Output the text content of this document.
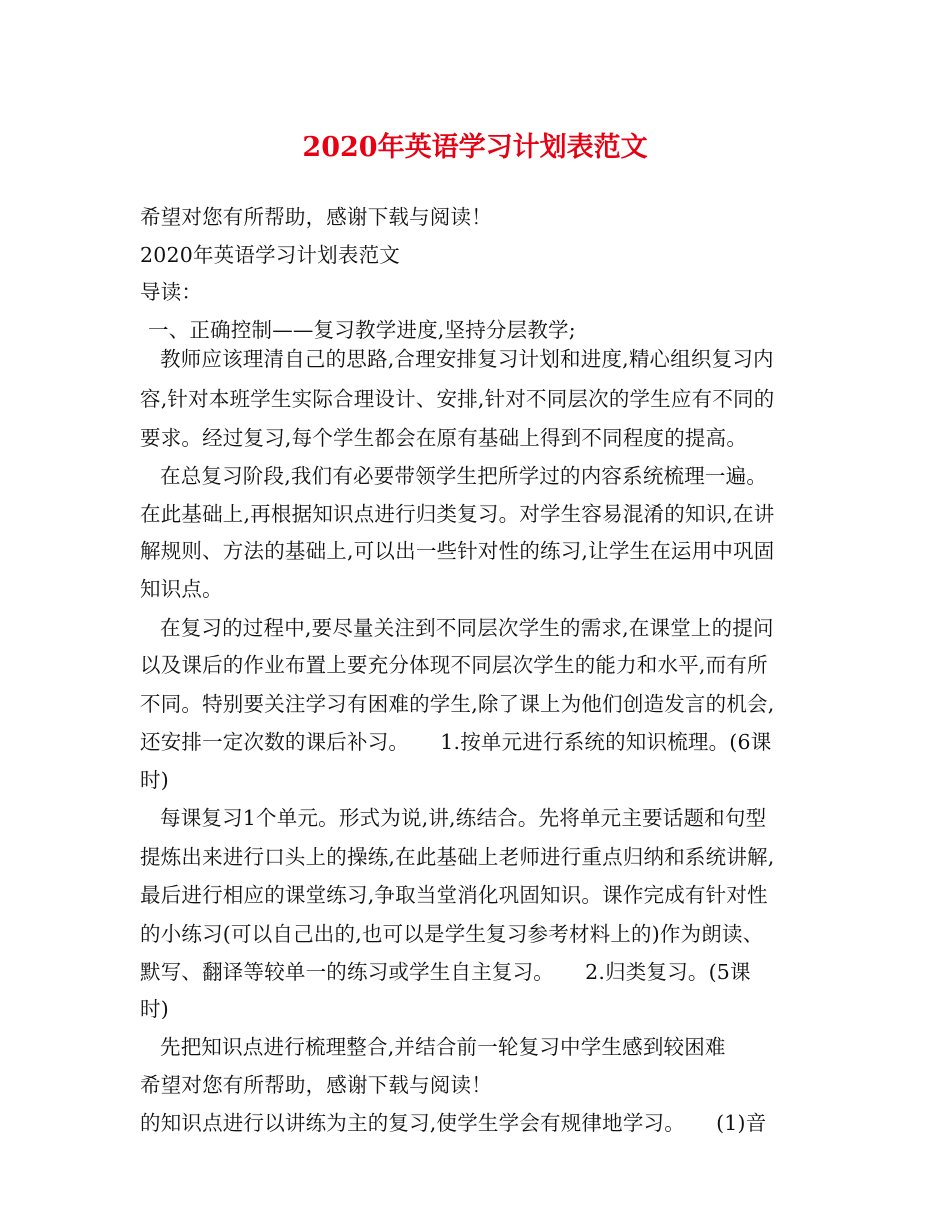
2020年英语学习计划表范文
希望对您有所帮助，感谢下载与阅读！
2020年英语学习计划表范文
导读：
一、正确控制——复习教学进度,坚持分层教学;
教师应该理清自己的思路,合理安排复习计划和进度,精心组织复习内
容,针对本班学生实际合理设计、安排,针对不同层次的学生应有不同的
要求。经过复习,每个学生都会在原有基础上得到不同程度的提高。
在总复习阶段,我们有必要带领学生把所学过的内容系统梳理一遍。
在此基础上,再根据知识点进行归类复习。对学生容易混淆的知识,在讲
解规则、方法的基础上,可以出一些针对性的练习,让学生在运用中巩固
知识点。
在复习的过程中,要尽量关注到不同层次学生的需求,在课堂上的提问
以及课后的作业布置上要充分体现不同层次学生的能力和水平,而有所
不同。特别要关注学习有困难的学生,除了课上为他们创造发言的机会,
还安排一定次数的课后补习。　　1.按单元进行系统的知识梳理。(6课
时)
每课复习1个单元。形式为说,讲,练结合。先将单元主要话题和句型
提炼出来进行口头上的操练,在此基础上老师进行重点归纳和系统讲解,
最后进行相应的课堂练习,争取当堂消化巩固知识。课作完成有针对性
的小练习(可以自己出的,也可以是学生复习参考材料上的)作为朗读、
默写、翻译等较单一的练习或学生自主复习。　　2.归类复习。(5课
时)
先把知识点进行梳理整合,并结合前一轮复习中学生感到较困难
希望对您有所帮助，感谢下载与阅读！
的知识点进行以讲练为主的复习,使学生学会有规律地学习。　　(1)音
